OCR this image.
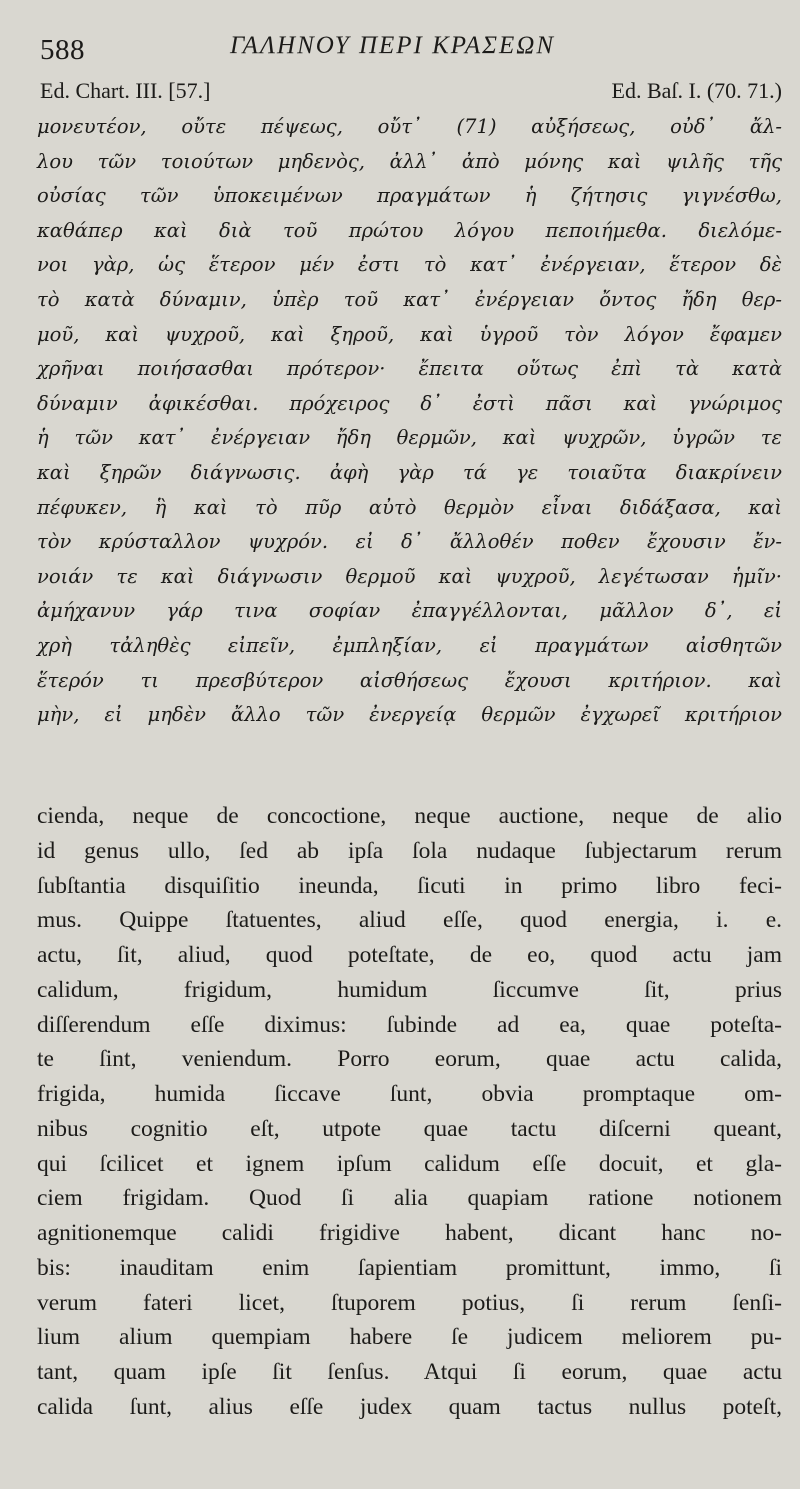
588	ΓΑΛΗΝΟΥ ΠΕΡΙ ΚΡΑΣΕΩΝ
Ed. Chart. III. [57.]	Ed. Baſ. I. (70. 71.)
μονευτέον, οὔτε πέψεως, οὔτ᾽ (71) αὐξήσεως, οὐδ᾽ ἄλ-
λου τῶν τοιούτων μηδενὸς, ἀλλ᾽ ἀπὸ μόνης καὶ ψιλῆς τῆς
οὐσίας τῶν ὑποκειμένων πραγμάτων ἡ ζήτησις γιγνέσθω,
καθάπερ καὶ διὰ τοῦ πρώτου λόγου πεποιήμεθα. διελόμε-
νοι γὰρ, ὡς ἕτερον μέν ἐστι τὸ κατ᾽ ἐνέργειαν, ἕτερον δὲ
τὸ κατὰ δύναμιν, ὑπὲρ τοῦ κατ᾽ ἐνέργειαν ὄντος ἤδη θερ-
μοῦ, καὶ ψυχροῦ, καὶ ξηροῦ, καὶ ὑγροῦ τὸν λόγον ἔφαμεν
χρῆναι ποιήσασθαι πρότερον· ἔπειτα οὕτως ἐπὶ τὰ κατὰ
δύναμιν ἀφικέσθαι. πρόχειρος δ᾽ ἐστὶ πᾶσι καὶ γνώριμος
ἡ τῶν κατ᾽ ἐνέργειαν ἤδη θερμῶν, καὶ ψυχρῶν, ὑγρῶν τε
καὶ ξηρῶν διάγνωσις. ἀφὴ γὰρ τά γε τοιαῦτα διακρίνειν
πέφυκεν, ἣ καὶ τὸ πῦρ αὐτὸ θερμὸν εἶναι διδάξασα, καὶ
τὸν κρύσταλλον ψυχρόν. εἰ δ᾽ ἄλλοθέν ποθεν ἔχουσιν ἔν-
νοιάν τε καὶ διάγνωσιν θερμοῦ καὶ ψυχροῦ, λεγέτωσαν ἡμῖν·
ἀμήχανυν γάρ τινα σοφίαν ἐπαγγέλλονται, μᾶλλον δ᾽, εἰ
χρὴ τἀληθὲς εἰπεῖν, ἐμπληξίαν, εἰ πραγμάτων αἰσθητῶν
ἕτερόν τι πρεσβύτερον αἰσθήσεως ἔχουσι κριτήριον. καὶ
μὴν, εἰ μηδὲν ἄλλο τῶν ἐνεργείᾳ θερμῶν ἐγχωρεῖ κριτήριον
cienda, neque de concoctione, neque auctione, neque de alio
id genus ullo, ſed ab ipſa ſola nudaque ſubjectarum rerum
ſubſtantia disquiſitio ineunda, ſicuti in primo libro feci-
mus. Quippe ſtatuentes, aliud eſſe, quod energia, i. e.
actu, ſit, aliud, quod poteſtate, de eo, quod actu jam
calidum, frigidum, humidum ſiccumve ſit, prius
diſſerendum eſſe diximus: ſubinde ad ea, quae poteſta-
te ſint, veniendum. Porro eorum, quae actu calida,
frigida, humida ſiccave ſunt, obvia promptaque om-
nibus cognitio eſt, utpote quae tactu diſcerni queant,
qui ſcilicet et ignem ipſum calidum eſſe docuit, et gla-
ciem frigidam. Quod ſi alia quapiam ratione notionem
agnitionemque calidi frigidive habent, dicant hanc no-
bis: inauditam enim ſapientiam promittunt, immo, ſi
verum fateri licet, ſtuporem potius, ſi rerum ſenſi-
lium alium quempiam habere ſe judicem meliorem pu-
tant, quam ipſe ſit ſenſus. Atqui ſi eorum, quae actu
calida ſunt, alius eſſe judex quam tactus nullus poteſt,
